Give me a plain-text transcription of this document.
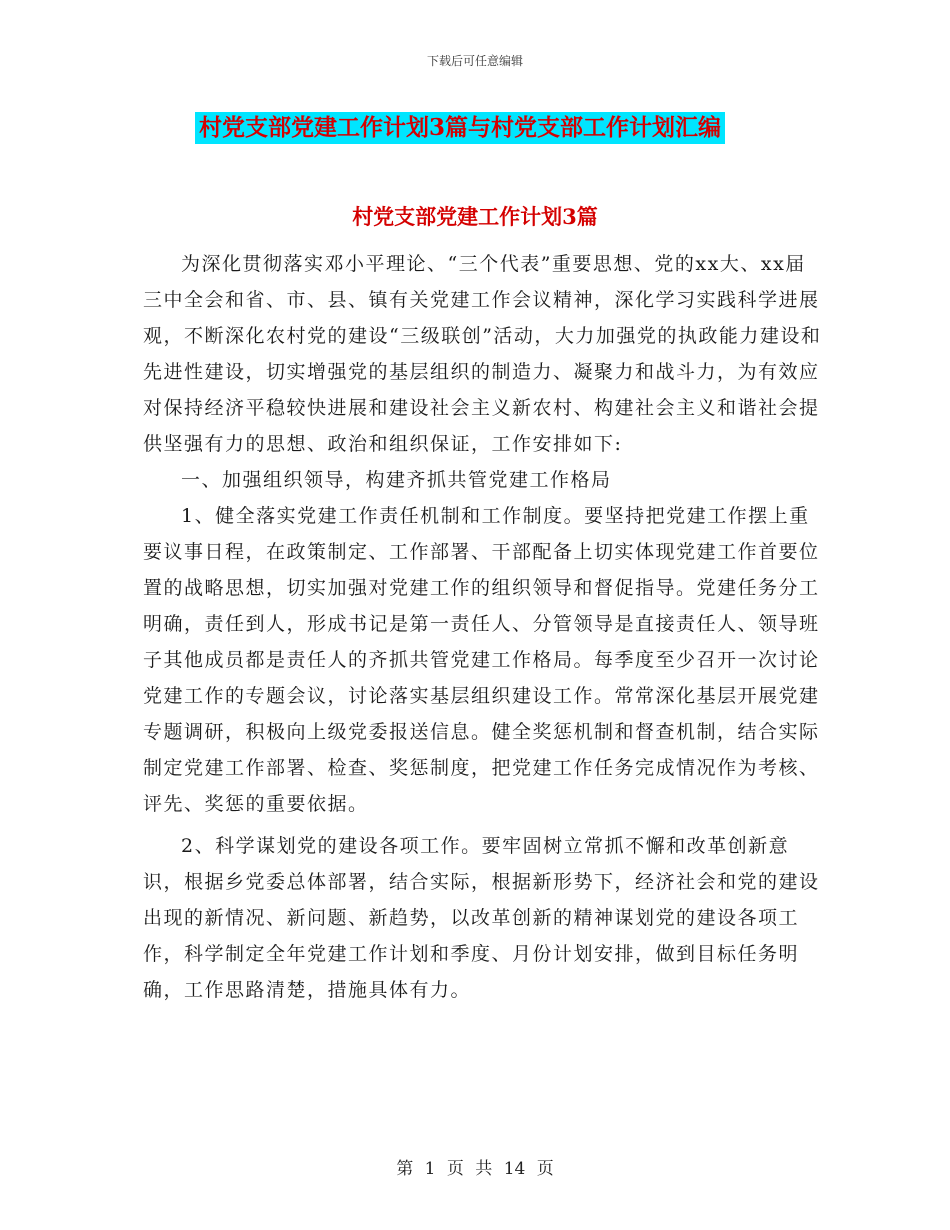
下载后可任意编辑
村党支部党建工作计划3篇与村党支部工作计划汇编
村党支部党建工作计划3篇

为深化贯彻落实邓小平理论、“三个代表”重要思想、党的xx大、xx届三中全会和省、市、县、镇有关党建工作会议精神，深化学习实践科学进展观，不断深化农村党的建设“三级联创”活动，大力加强党的执政能力建设和先进性建设，切实增强党的基层组织的制造力、凝聚力和战斗力，为有效应对保持经济平稳较快进展和建设社会主义新农村、构建社会主义和谐社会提供坚强有力的思想、政治和组织保证，工作安排如下:

一、加强组织领导，构建齐抓共管党建工作格局

1、健全落实党建工作责任机制和工作制度。要坚持把党建工作摆上重要议事日程，在政策制定、工作部署、干部配备上切实体现党建工作首要位置的战略思想，切实加强对党建工作的组织领导和督促指导。党建任务分工明确，责任到人，形成书记是第一责任人、分管领导是直接责任人、领导班子其他成员都是责任人的齐抓共管党建工作格局。每季度至少召开一次讨论党建工作的专题会议，讨论落实基层组织建设工作。常常深化基层开展党建专题调研，积极向上级党委报送信息。健全奖惩机制和督查机制，结合实际制定党建工作部署、检查、奖惩制度，把党建工作任务完成情况作为考核、评先、奖惩的重要依据。

2、科学谋划党的建设各项工作。要牢固树立常抓不懈和改革创新意识，根据乡党委总体部署，结合实际，根据新形势下，经济社会和党的建设出现的新情况、新问题、新趋势，以改革创新的精神谋划党的建设各项工作，科学制定全年党建工作计划和季度、月份计划安排，做到目标任务明确，工作思路清楚，措施具体有力。

第 1 页 共 14 页
